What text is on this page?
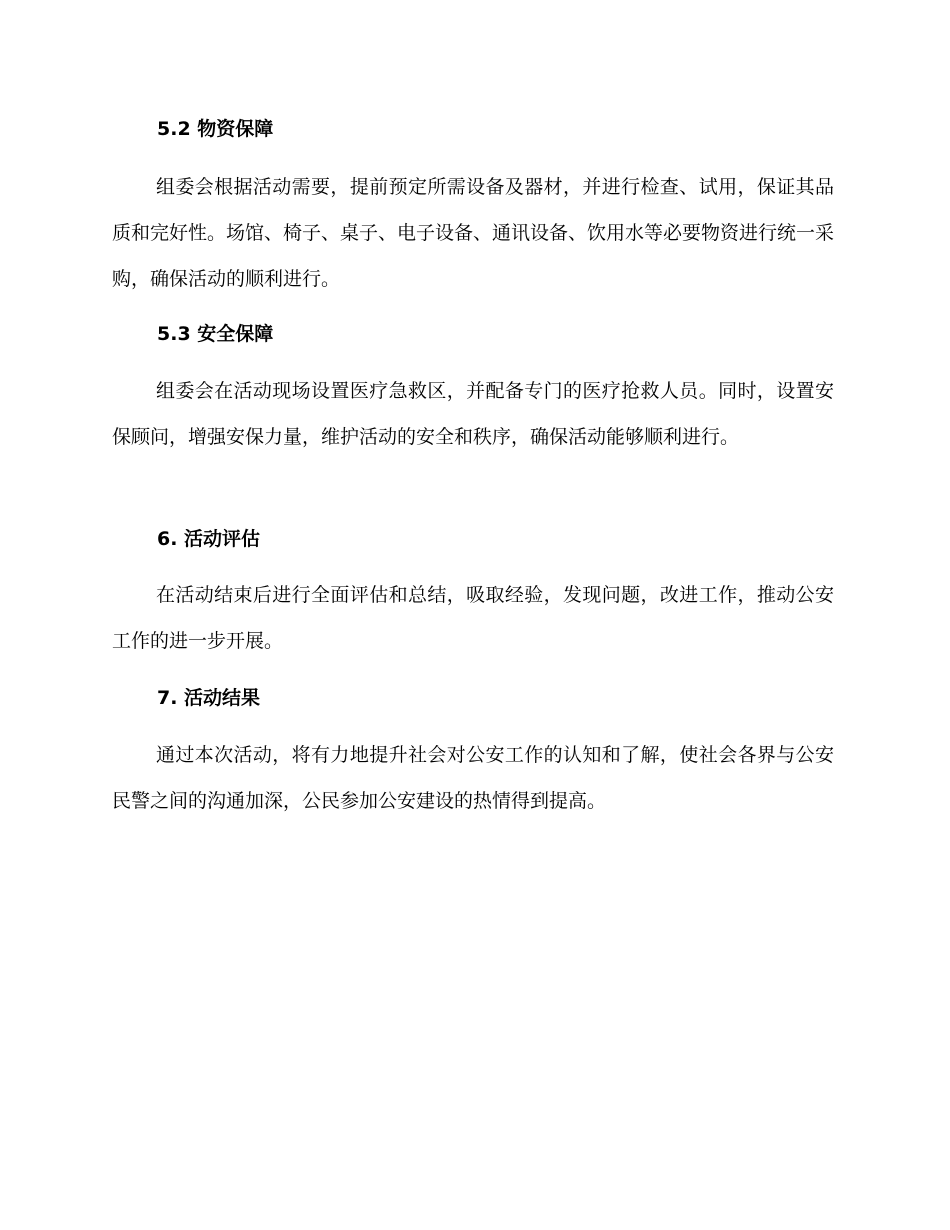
5.2 物资保障

组委会根据活动需要，提前预定所需设备及器材，并进行检查、试用，保证其品质和完好性。场馆、椅子、桌子、电子设备、通讯设备、饮用水等必要物资进行统一采购，确保活动的顺利进行。

5.3 安全保障

组委会在活动现场设置医疗急救区，并配备专门的医疗抢救人员。同时，设置安保顾问，增强安保力量，维护活动的安全和秩序，确保活动能够顺利进行。

6. 活动评估

在活动结束后进行全面评估和总结，吸取经验，发现问题，改进工作，推动公安工作的进一步开展。

7. 活动结果

通过本次活动，将有力地提升社会对公安工作的认知和了解，使社会各界与公安民警之间的沟通加深，公民参加公安建设的热情得到提高。
